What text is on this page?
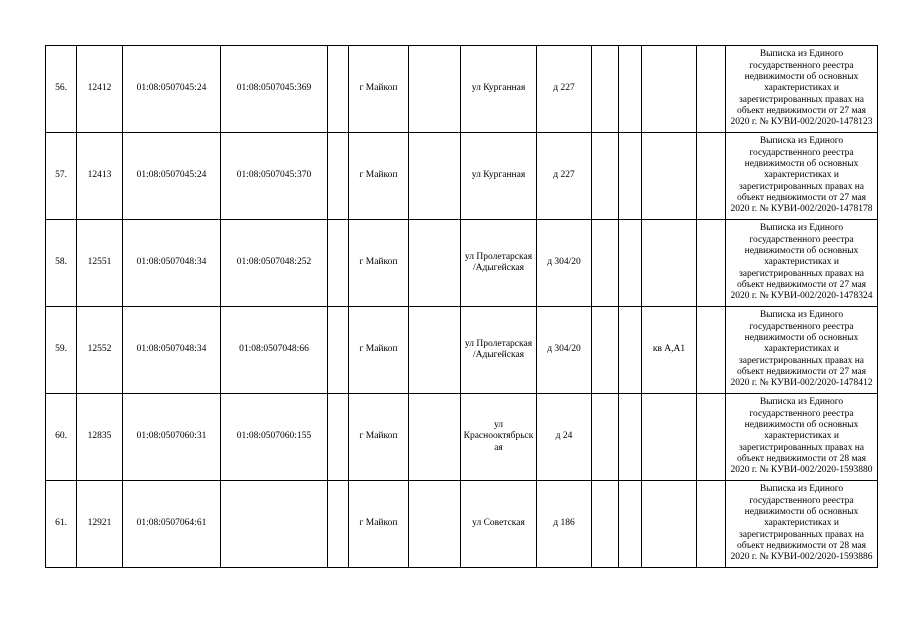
56.	12412	01:08:0507045:24	01:08:0507045:369		г Майкоп		ул Курганная	д 227					Выписка из Единого государственного реестра недвижимости об основных характеристиках и зарегистрированных правах на объект недвижимости от 27 мая 2020 г. № КУВИ-002/2020-1478123
57.	12413	01:08:0507045:24	01:08:0507045:370		г Майкоп		ул Курганная	д 227					Выписка из Единого государственного реестра недвижимости об основных характеристиках и зарегистрированных правах на объект недвижимости от 27 мая 2020 г. № КУВИ-002/2020-1478178
58.	12551	01:08:0507048:34	01:08:0507048:252		г Майкоп		ул Пролетарская /Адыгейская	д 304/20					Выписка из Единого государственного реестра недвижимости об основных характеристиках и зарегистрированных правах на объект недвижимости от 27 мая 2020 г. № КУВИ-002/2020-1478324
59.	12552	01:08:0507048:34	01:08:0507048:66		г Майкоп		ул Пролетарская /Адыгейская	д 304/20			кв А,А1		Выписка из Единого государственного реестра недвижимости об основных характеристиках и зарегистрированных правах на объект недвижимости от 27 мая 2020 г. № КУВИ-002/2020-1478412
60.	12835	01:08:0507060:31	01:08:0507060:155		г Майкоп		ул Краснооктябрьская	д 24					Выписка из Единого государственного реестра недвижимости об основных характеристиках и зарегистрированных правах на объект недвижимости от 28 мая 2020 г. № КУВИ-002/2020-1593880
61.	12921	01:08:0507064:61			г Майкоп		ул Советская	д 186					Выписка из Единого государственного реестра недвижимости об основных характеристиках и зарегистрированных правах на объект недвижимости от 28 мая 2020 г. № КУВИ-002/2020-1593886
